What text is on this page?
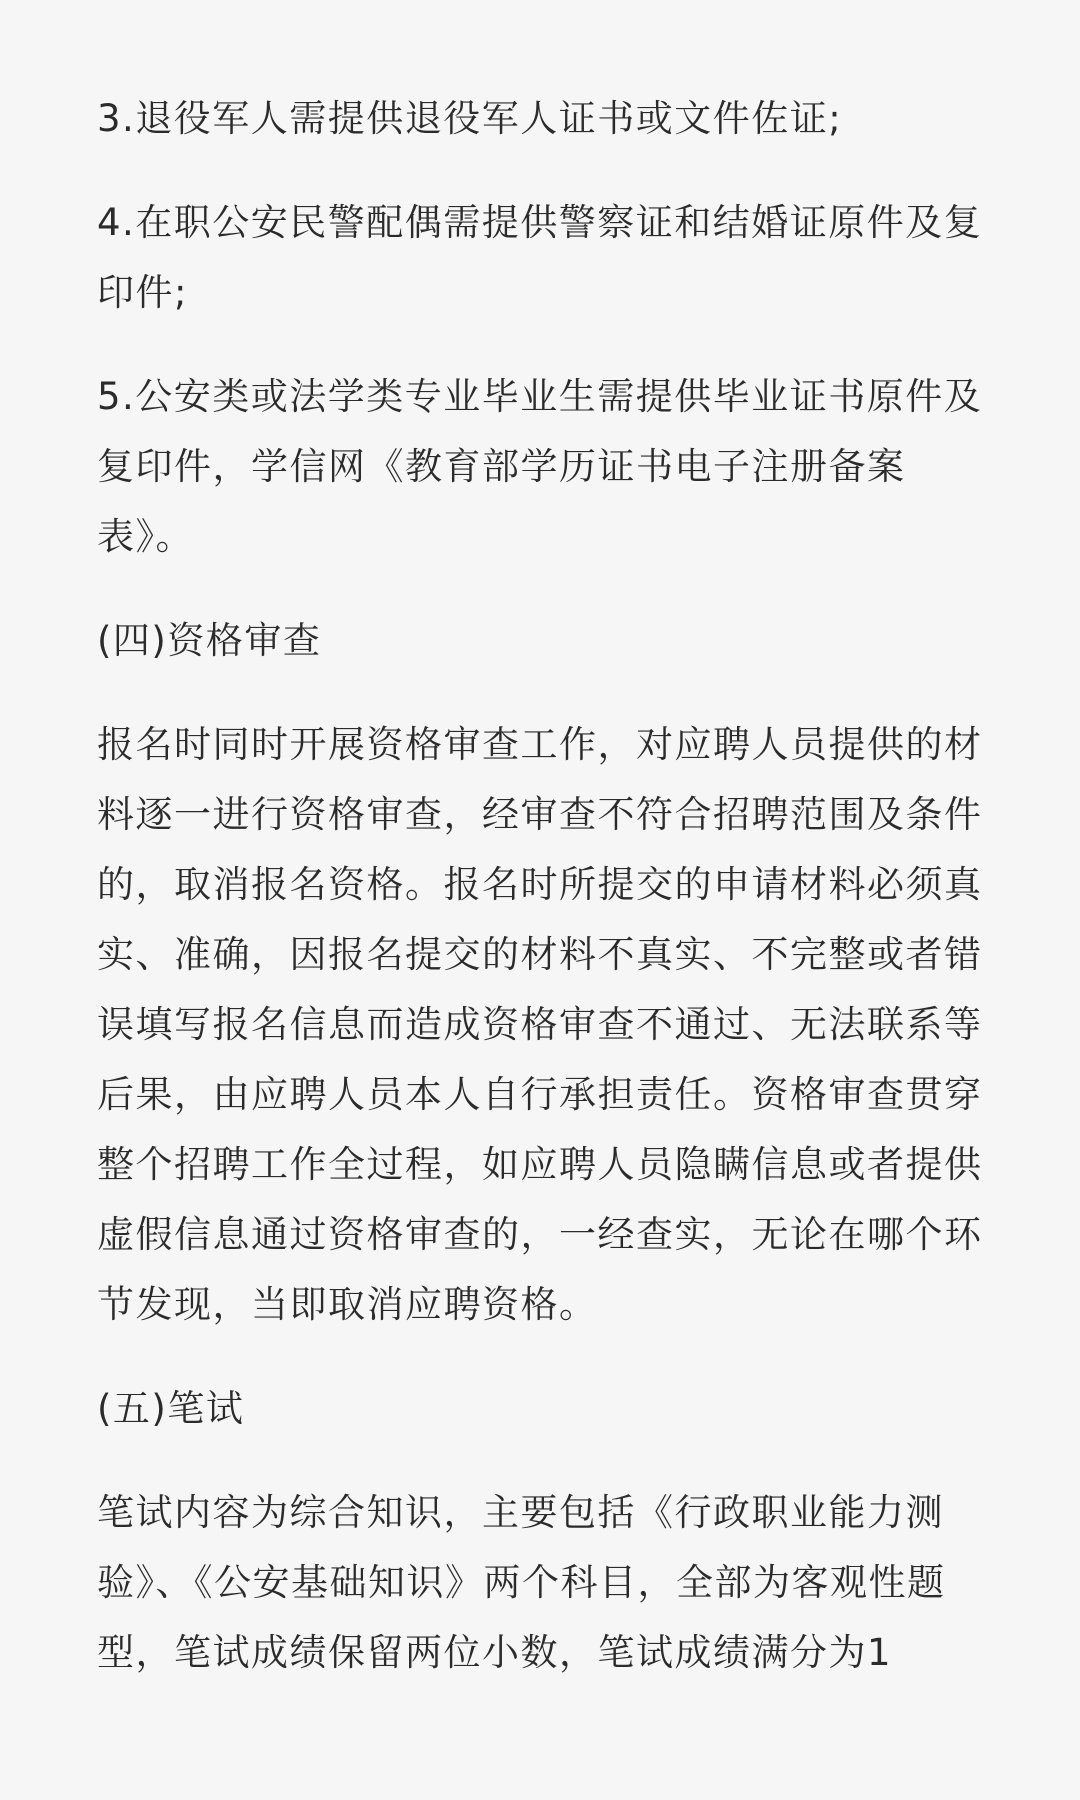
3.退役军人需提供退役军人证书或文件佐证;

4.在职公安民警配偶需提供警察证和结婚证原件及复印件;

5.公安类或法学类专业毕业生需提供毕业证书原件及复印件，学信网《教育部学历证书电子注册备案表》。

(四)资格审查

报名时同时开展资格审查工作，对应聘人员提供的材料逐一进行资格审查，经审查不符合招聘范围及条件的，取消报名资格。报名时所提交的申请材料必须真实、准确，因报名提交的材料不真实、不完整或者错误填写报名信息而造成资格审查不通过、无法联系等后果，由应聘人员本人自行承担责任。资格审查贯穿整个招聘工作全过程，如应聘人员隐瞒信息或者提供虚假信息通过资格审查的，一经查实，无论在哪个环节发现，当即取消应聘资格。

(五)笔试

笔试内容为综合知识，主要包括《行政职业能力测验》、《公安基础知识》两个科目，全部为客观性题型，笔试成绩保留两位小数，笔试成绩满分为1
